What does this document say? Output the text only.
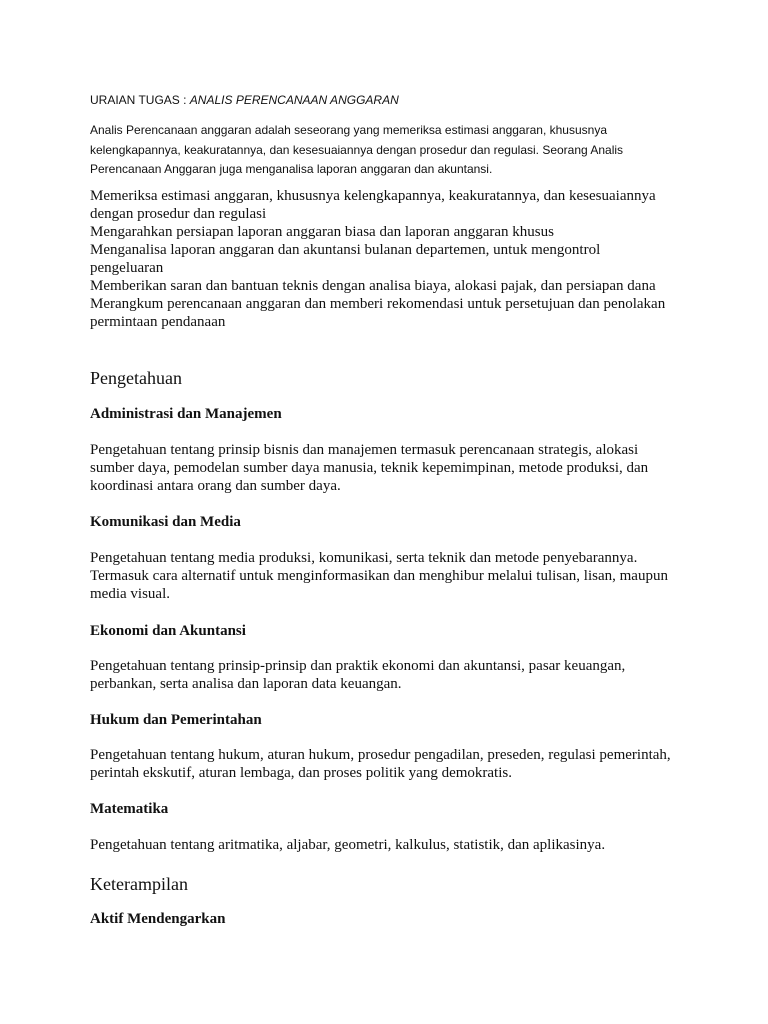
URAIAN TUGAS : ANALIS PERENCANAAN ANGGARAN

Analis Perencanaan anggaran adalah seseorang yang memeriksa estimasi anggaran, khususnya

kelengkapannya, keakuratannya, dan kesesuaiannya dengan prosedur dan regulasi. Seorang Analis

Perencanaan Anggaran juga menganalisa laporan anggaran dan akuntansi.

Memeriksa estimasi anggaran, khususnya kelengkapannya, keakuratannya, dan kesesuaiannya

dengan prosedur dan regulasi

Mengarahkan persiapan laporan anggaran biasa dan laporan anggaran khusus

Menganalisa laporan anggaran dan akuntansi bulanan departemen, untuk mengontrol

pengeluaran

Memberikan saran dan bantuan teknis dengan analisa biaya, alokasi pajak, dan persiapan dana

Merangkum perencanaan anggaran dan memberi rekomendasi untuk persetujuan dan penolakan

permintaan pendanaan

Pengetahuan
Administrasi dan Manajemen
Pengetahuan tentang prinsip bisnis dan manajemen termasuk perencanaan strategis, alokasi
sumber daya, pemodelan sumber daya manusia, teknik kepemimpinan, metode produksi, dan
koordinasi antara orang dan sumber daya.
Komunikasi dan Media
Pengetahuan tentang media produksi, komunikasi, serta teknik dan metode penyebarannya.
Termasuk cara alternatif untuk menginformasikan dan menghibur melalui tulisan, lisan, maupun
media visual.
Ekonomi dan Akuntansi
Pengetahuan tentang prinsip-prinsip dan praktik ekonomi dan akuntansi, pasar keuangan,
perbankan, serta analisa dan laporan data keuangan.
Hukum dan Pemerintahan
Pengetahuan tentang hukum, aturan hukum, prosedur pengadilan, preseden, regulasi pemerintah,
perintah ekskutif, aturan lembaga, dan proses politik yang demokratis.
Matematika
Pengetahuan tentang aritmatika, aljabar, geometri, kalkulus, statistik, dan aplikasinya.
Keterampilan
Aktif Mendengarkan
